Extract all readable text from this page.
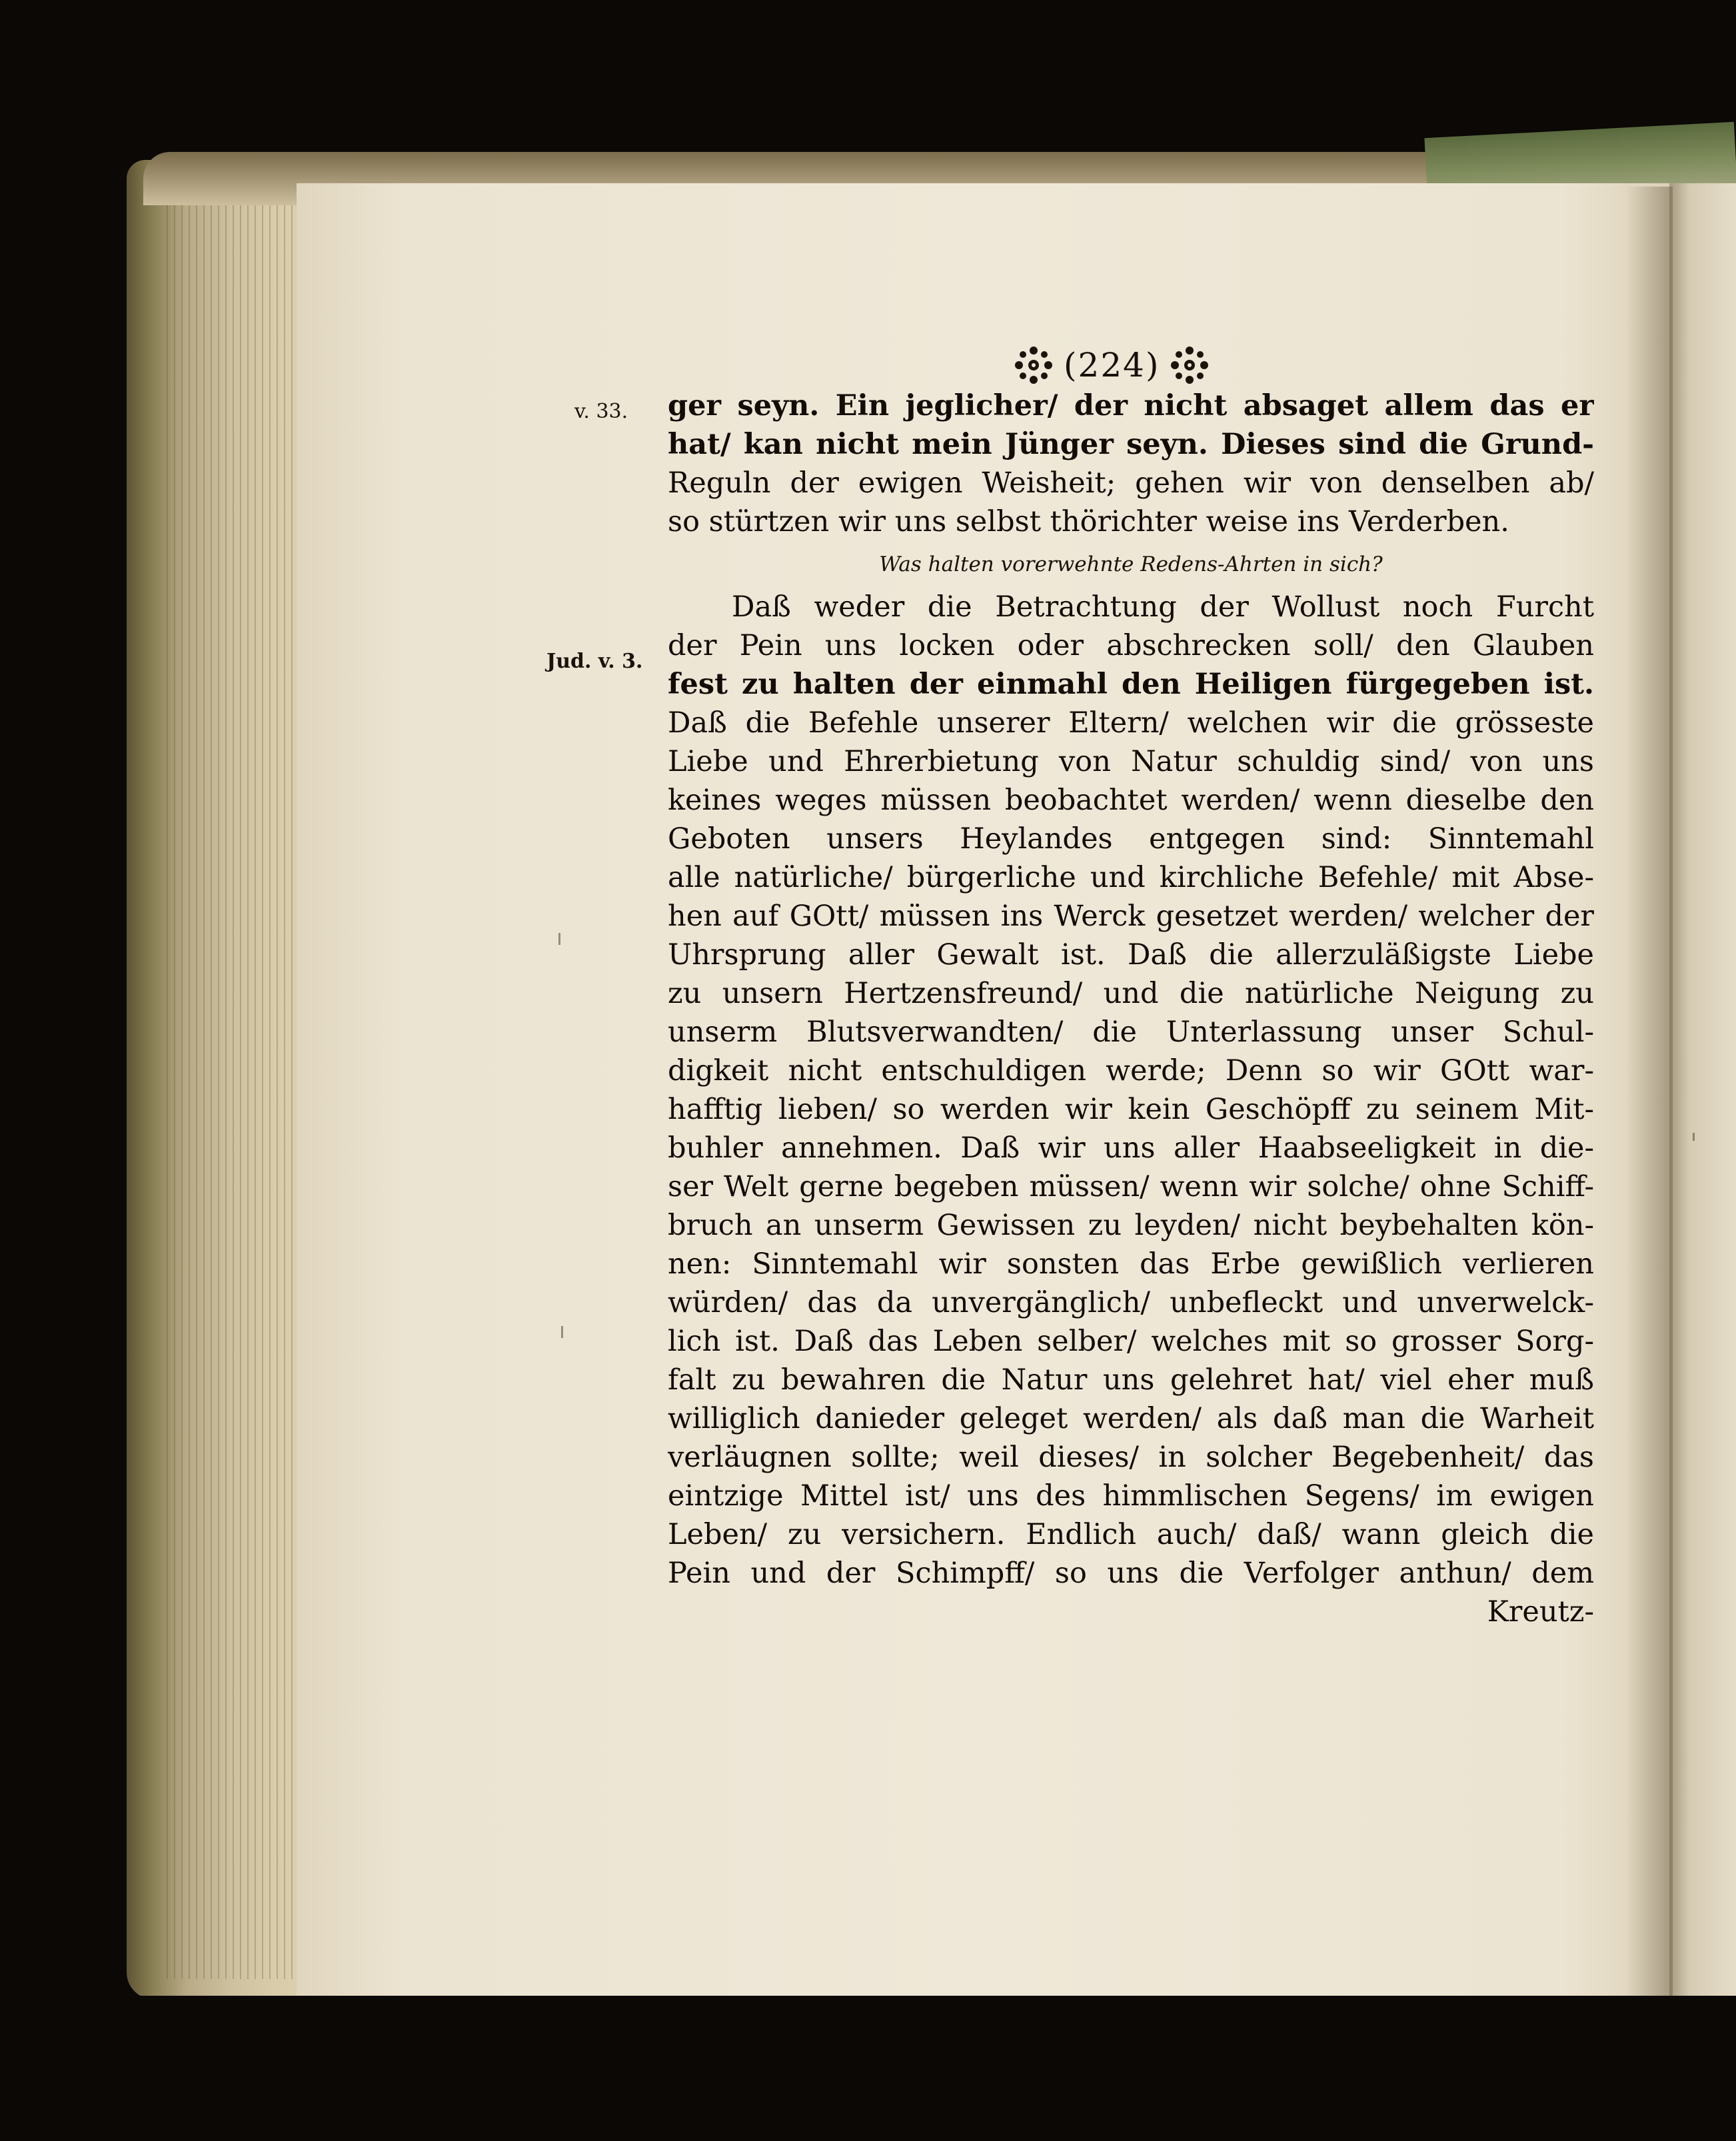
(224)
v. 33.
Jud. v. 3.
ger seyn. Ein jeglicher/ der nicht absaget allem das er
hat/ kan nicht mein Jünger seyn. Dieses sind die Grund-
Reguln der ewigen Weisheit; gehen wir von denselben ab/
so stürtzen wir uns selbst thörichter weise ins Verderben.
Was halten vorerwehnte Redens-Ahrten in sich?
Daß weder die Betrachtung der Wollust noch Furcht
der Pein uns locken oder abschrecken soll/ den Glauben
fest zu halten der einmahl den Heiligen fürgegeben ist.
Daß die Befehle unserer Eltern/ welchen wir die grösseste
Liebe und Ehrerbietung von Natur schuldig sind/ von uns
keines weges müssen beobachtet werden/ wenn dieselbe den
Geboten unsers Heylandes entgegen sind: Sinntemahl
alle natürliche/ bürgerliche und kirchliche Befehle/ mit Abse-
hen auf GOtt/ müssen ins Werck gesetzet werden/ welcher der
Uhrsprung aller Gewalt ist. Daß die allerzuläßigste Liebe
zu unsern Hertzensfreund/ und die natürliche Neigung zu
unserm Blutsverwandten/ die Unterlassung unser Schul-
digkeit nicht entschuldigen werde; Denn so wir GOtt war-
hafftig lieben/ so werden wir kein Geschöpff zu seinem Mit-
buhler annehmen. Daß wir uns aller Haabseeligkeit in die-
ser Welt gerne begeben müssen/ wenn wir solche/ ohne Schiff-
bruch an unserm Gewissen zu leyden/ nicht beybehalten kön-
nen: Sinntemahl wir sonsten das Erbe gewißlich verlieren
würden/ das da unvergänglich/ unbefleckt und unverwelck-
lich ist. Daß das Leben selber/ welches mit so grosser Sorg-
falt zu bewahren die Natur uns gelehret hat/ viel eher muß
williglich danieder geleget werden/ als daß man die Warheit
verläugnen sollte; weil dieses/ in solcher Begebenheit/ das
eintzige Mittel ist/ uns des himmlischen Segens/ im ewigen
Leben/ zu versichern. Endlich auch/ daß/ wann gleich die
Pein und der Schimpff/ so uns die Verfolger anthun/ dem
Kreutz-
